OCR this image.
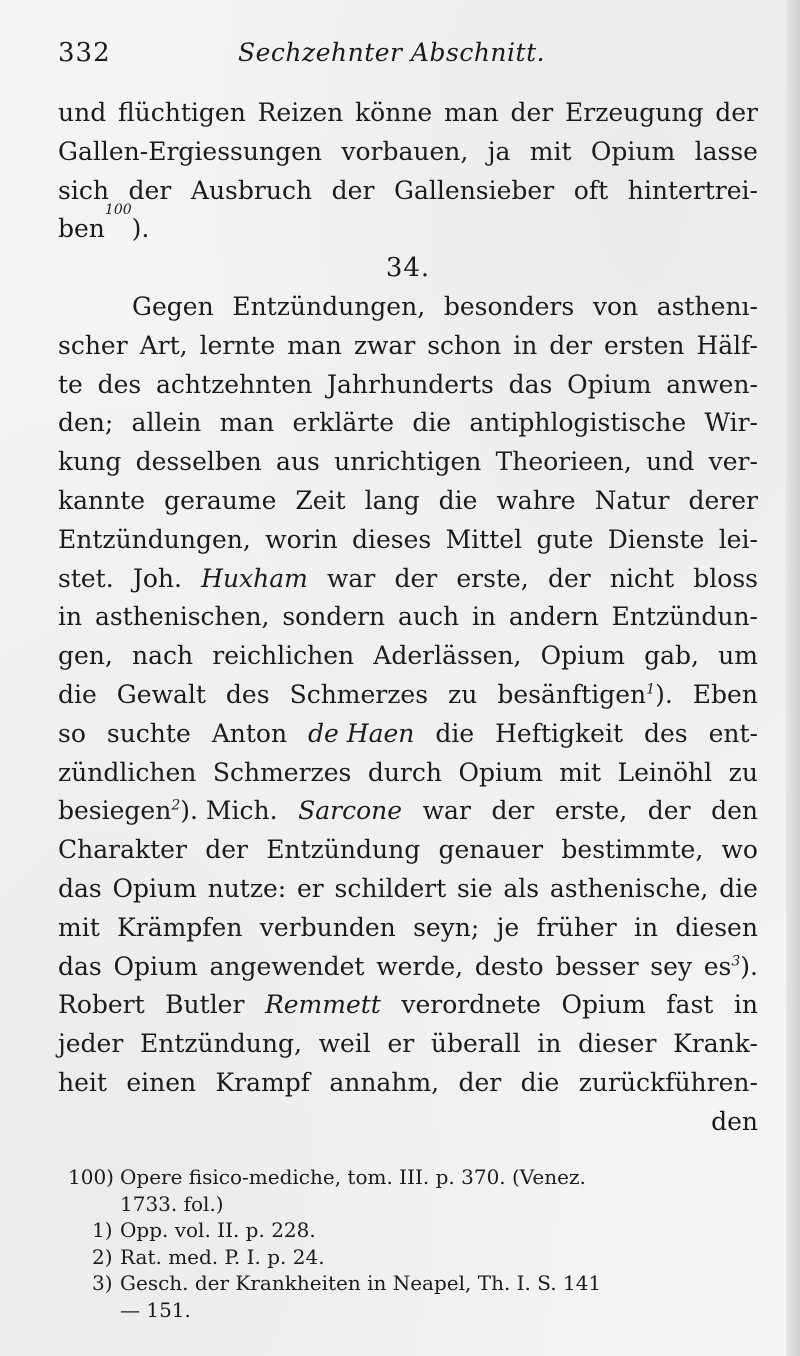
332	Sechzehnter Abschnitt.
und flüchtigen Reizen könne man der Erzeugung der
Gallen-Ergiessungen vorbauen, ja mit Opium lasse
sich der Ausbruch der Gallensieber oft hintertrei-
ben
100
).
34.
Gegen Entzündungen, besonders von asthenı-
scher Art, lernte man zwar schon in der ersten Hälf-
te des achtzehnten Jahrhunderts das Opium anwen-
den; allein man erklärte die antiphlogistische Wir-
kung desselben aus unrichtigen Theorieen, und ver-
kannte geraume Zeit lang die wahre Natur derer
Entzündungen, worin dieses Mittel gute Dienste lei-
stet. Joh. Huxham war der erste, der nicht bloss
in asthenischen, sondern auch in andern Entzündun-
gen, nach reichlichen Aderlässen, Opium gab, um
die Gewalt des Schmerzes zu besänftigen$^1$). Eben
so suchte Anton de Haen die Heftigkeit des ent-
zündlichen Schmerzes durch Opium mit Leinöhl zu
besiegen$^2$). Mich. Sarcone war der erste, der den
Charakter der Entzündung genauer bestimmte, wo
das Opium nutze: er schildert sie als asthenische, die
mit Krämpfen verbunden seyn; je früher in diesen
das Opium angewendet werde, desto besser sey es$^3$).
Robert Butler Remmett verordnete Opium fast in
jeder Entzündung, weil er überall in dieser Krank-
heit einen Krampf annahm, der die zurückführen-
den
100) Opere fisico-mediche, tom. III. p. 370. (Venez.
1733. fol.)
1) Opp. vol. II. p. 228.
2) Rat. med. P. I. p. 24.
3) Gesch. der Krankheiten in Neapel, Th. I. S. 141
— 151.
